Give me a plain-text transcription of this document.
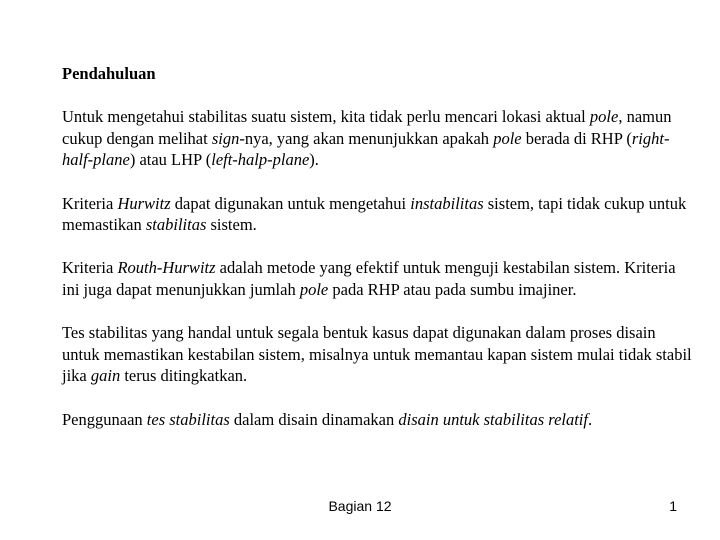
Pendahuluan
Untuk mengetahui stabilitas suatu sistem, kita tidak perlu mencari lokasi aktual pole, namun cukup dengan melihat sign-nya, yang akan menunjukkan apakah pole berada di RHP (right-half-plane) atau LHP (left-halp-plane).
Kriteria Hurwitz dapat digunakan untuk mengetahui instabilitas sistem, tapi tidak cukup untuk memastikan stabilitas sistem.
Kriteria Routh-Hurwitz adalah metode yang efektif untuk menguji kestabilan sistem. Kriteria ini juga dapat menunjukkan jumlah pole pada RHP atau pada sumbu imajiner.
Tes stabilitas yang handal untuk segala bentuk kasus dapat digunakan dalam proses disain untuk memastikan kestabilan sistem, misalnya untuk memantau kapan sistem mulai tidak stabil jika gain terus ditingkatkan.
Penggunaan tes stabilitas dalam disain dinamakan disain untuk stabilitas relatif.
Bagian 12	1
